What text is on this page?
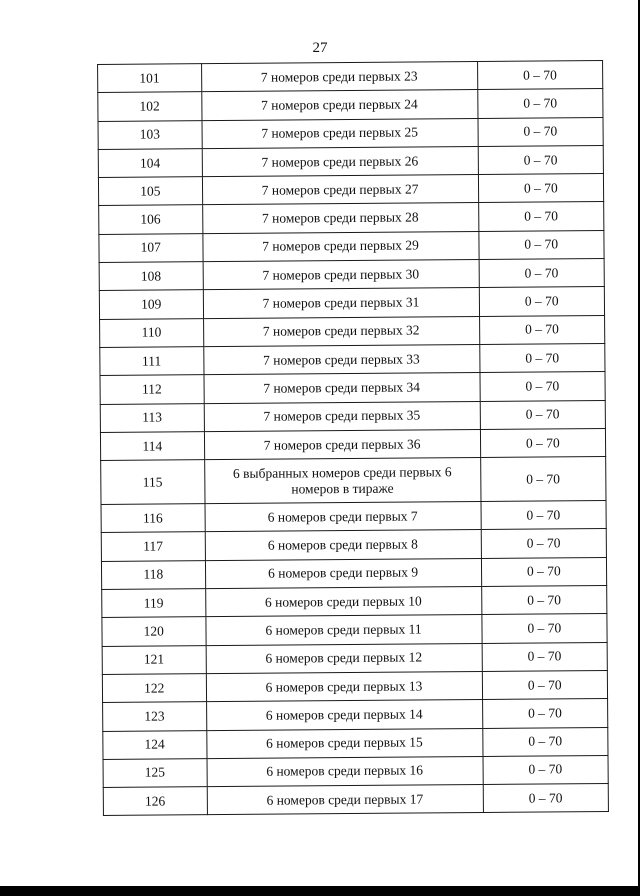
27
101	7 номеров среди первых 23	0 – 70
102	7 номеров среди первых 24	0 – 70
103	7 номеров среди первых 25	0 – 70
104	7 номеров среди первых 26	0 – 70
105	7 номеров среди первых 27	0 – 70
106	7 номеров среди первых 28	0 – 70
107	7 номеров среди первых 29	0 – 70
108	7 номеров среди первых 30	0 – 70
109	7 номеров среди первых 31	0 – 70
110	7 номеров среди первых 32	0 – 70
111	7 номеров среди первых 33	0 – 70
112	7 номеров среди первых 34	0 – 70
113	7 номеров среди первых 35	0 – 70
114	7 номеров среди первых 36	0 – 70
115	6 выбранных номеров среди первых 6 номеров в тираже	0 – 70
116	6 номеров среди первых 7	0 – 70
117	6 номеров среди первых 8	0 – 70
118	6 номеров среди первых 9	0 – 70
119	6 номеров среди первых 10	0 – 70
120	6 номеров среди первых 11	0 – 70
121	6 номеров среди первых 12	0 – 70
122	6 номеров среди первых 13	0 – 70
123	6 номеров среди первых 14	0 – 70
124	6 номеров среди первых 15	0 – 70
125	6 номеров среди первых 16	0 – 70
126	6 номеров среди первых 17	0 – 70
